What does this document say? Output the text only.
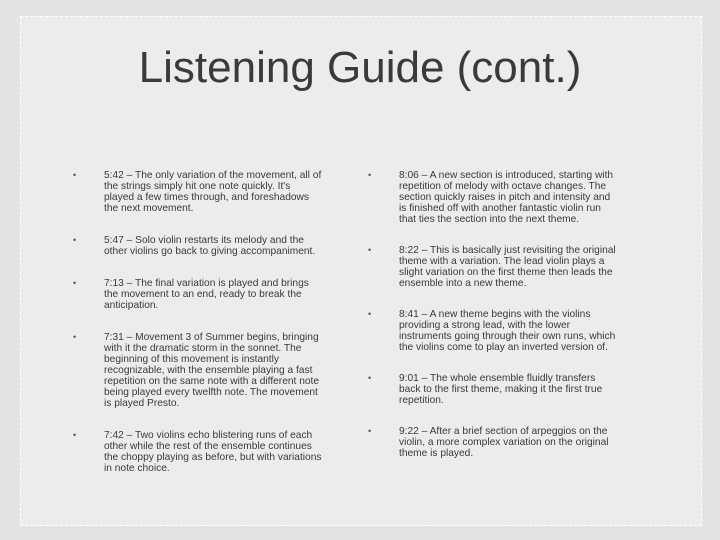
Listening Guide (cont.)
•	5:42 – The only variation of the movement, all of the strings simply hit one note quickly. It's played a few times through, and foreshadows the next movement.
•	5:47 – Solo violin restarts its melody and the other violins go back to giving accompaniment.
•	7:13 – The final variation is played and brings the movement to an end, ready to break the anticipation.
•	7:31 – Movement 3 of Summer begins, bringing with it the dramatic storm in the sonnet. The beginning of this movement is instantly recognizable, with the ensemble playing a fast repetition on the same note with a different note being played every twelfth note. The movement is played Presto.
•	7:42 – Two violins echo blistering runs of each other while the rest of the ensemble continues the choppy playing as before, but with variations in note choice.
•	8:06 – A new section is introduced, starting with repetition of melody with octave changes. The section quickly raises in pitch and intensity and is finished off with another fantastic violin run that ties the section into the next theme.
•	8:22 – This is basically just revisiting the original theme with a variation. The lead violin plays a slight variation on the first theme then leads the ensemble into a new theme.
•	8:41 – A new theme begins with the violins providing a strong lead, with the lower instruments going through their own runs, which the violins come to play an inverted version of.
•	9:01 – The whole ensemble fluidly transfers back to the first theme, making it the first true repetition.
•	9:22 – After a brief section of arpeggios on the violin, a more complex variation on the original theme is played.
